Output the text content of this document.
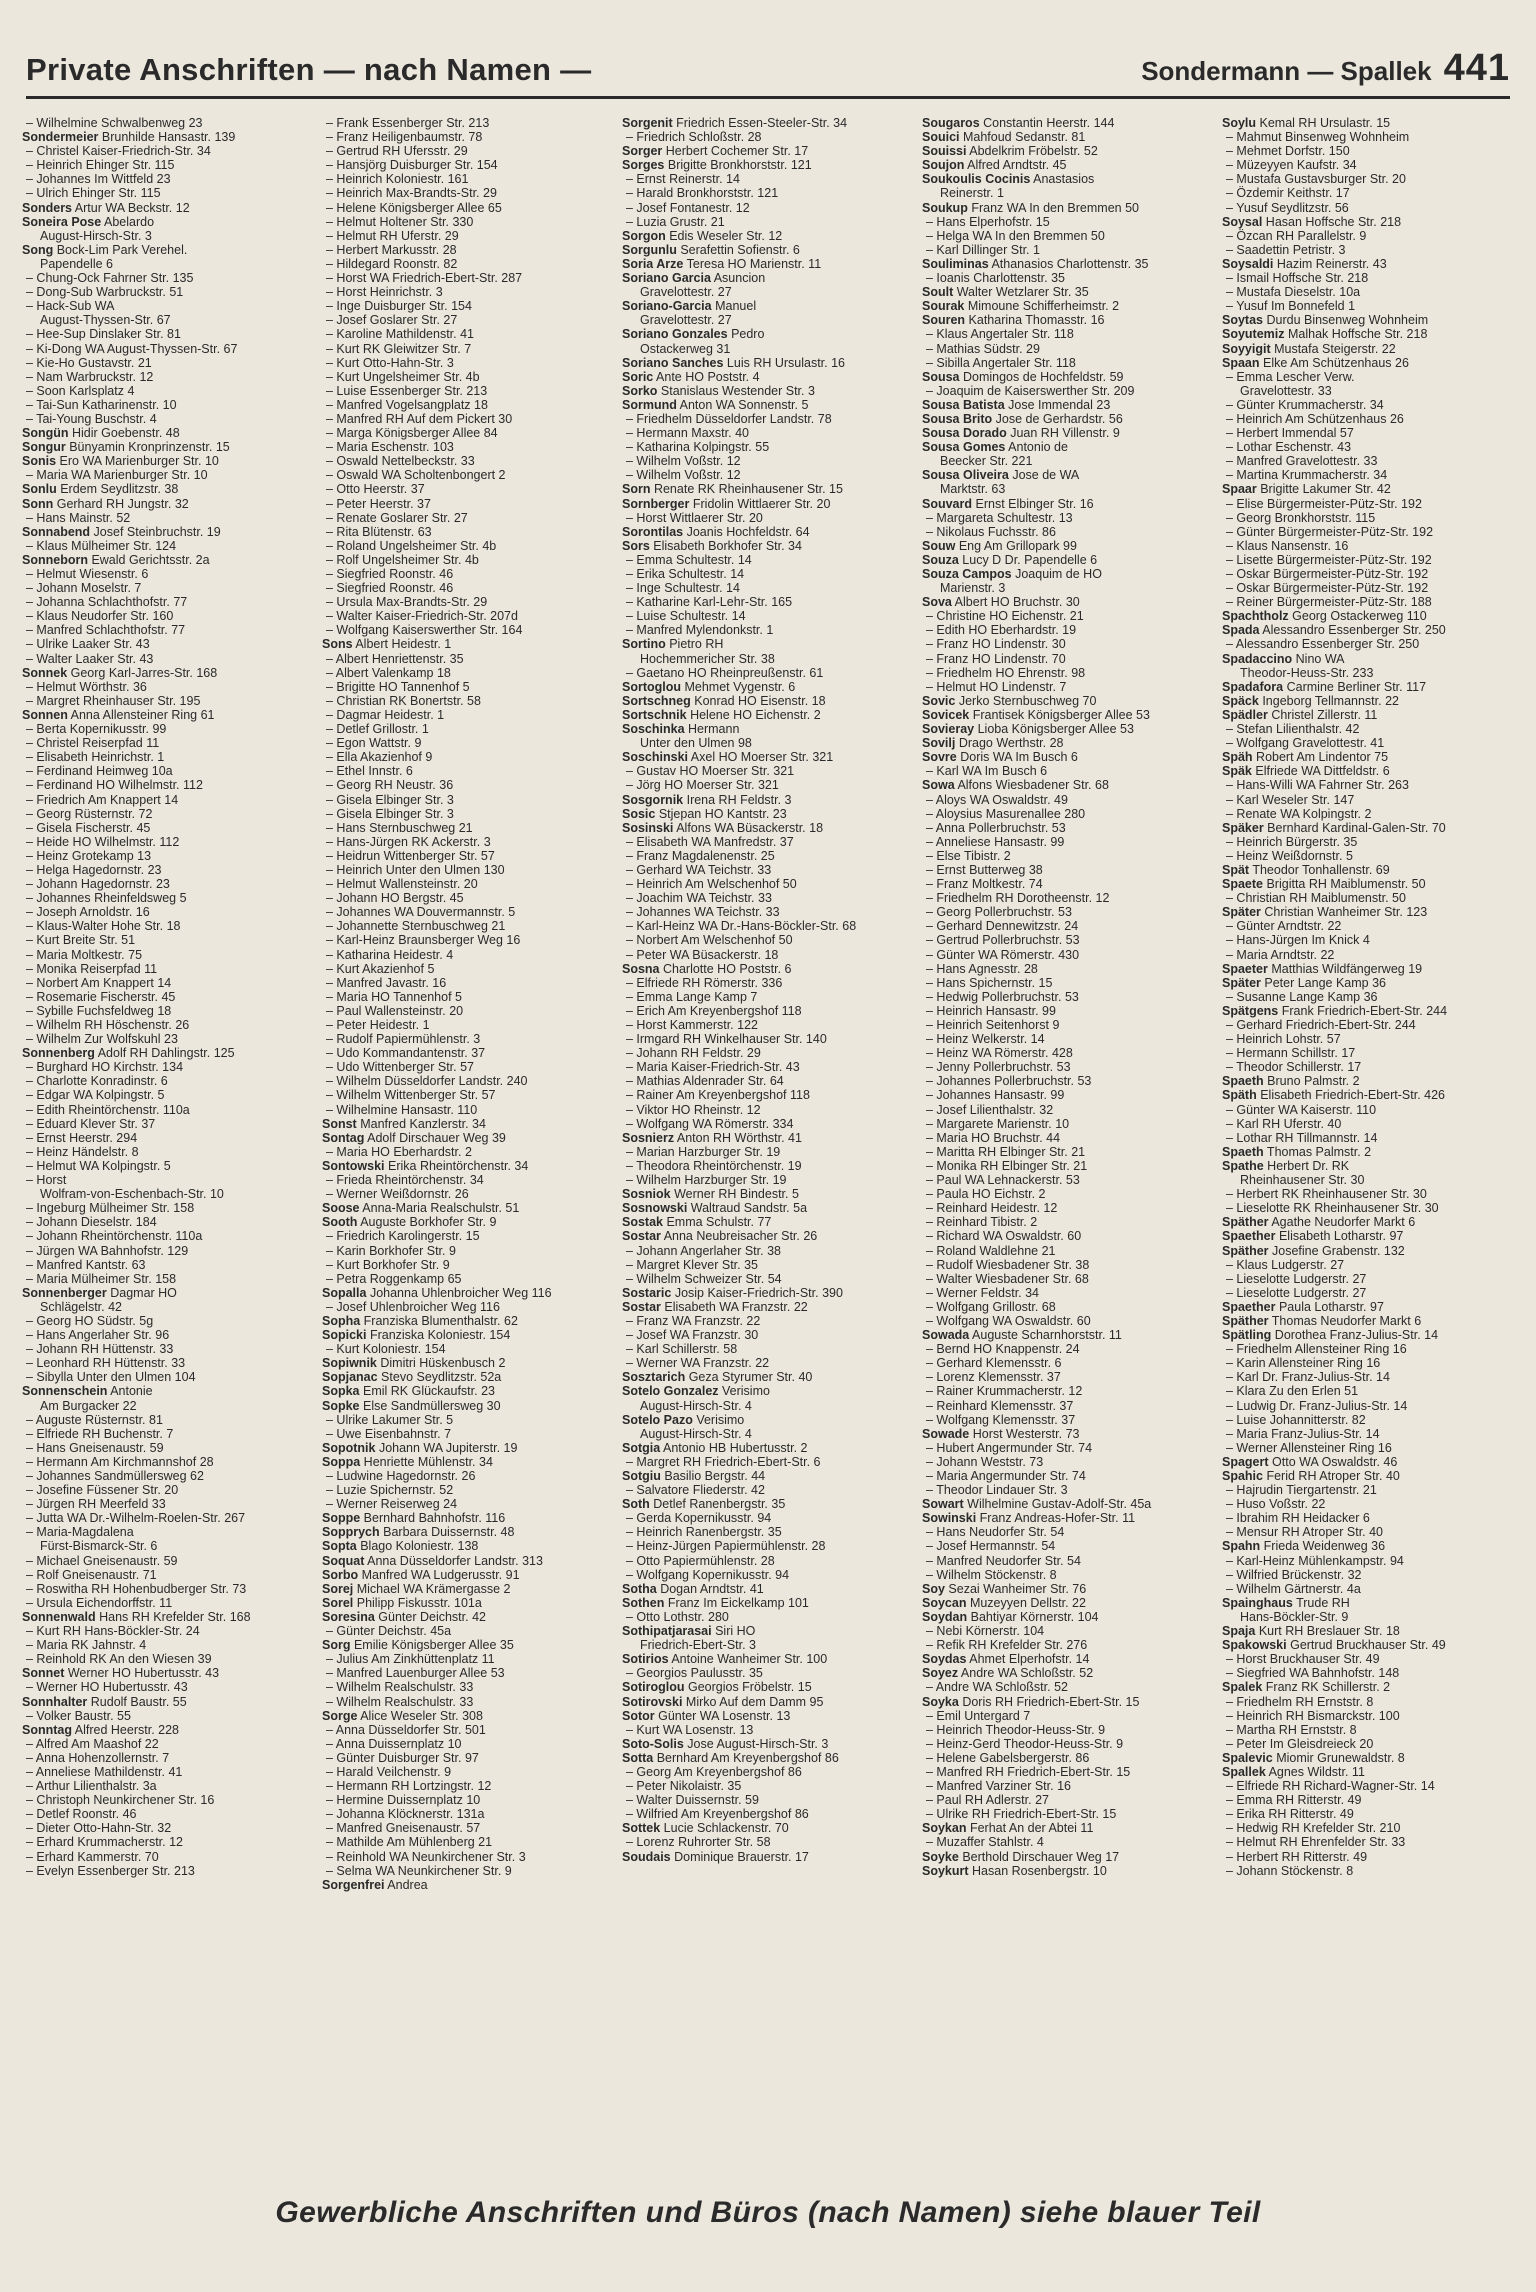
Private Anschriften — nach Namen —	Sondermann — Spallek 441
– Wilhelmine Schwalbenweg 23
Sondermeier Brunhilde Hansastr. 139
– Christel Kaiser-Friedrich-Str. 34
– Heinrich Ehinger Str. 115
– Johannes Im Wittfeld 23
– Ulrich Ehinger Str. 115
Sonders Artur WA Beckstr. 12
Soneira Pose Abelardo
August-Hirsch-Str. 3
Song Bock-Lim Park Verehel.
Papendelle 6
– Chung-Ock Fahrner Str. 135
– Dong-Sub Warbruckstr. 51
– Hack-Sub WA
August-Thyssen-Str. 67
– Hee-Sup Dinslaker Str. 81
– Ki-Dong WA August-Thyssen-Str. 67
– Kie-Ho Gustavstr. 21
– Nam Warbruckstr. 12
– Soon Karlsplatz 4
– Tai-Sun Katharinenstr. 10
– Tai-Young Buschstr. 4
Songün Hidir Goebenstr. 48
Songur Bünyamin Kronprinzenstr. 15
Sonis Ero WA Marienburger Str. 10
– Maria WA Marienburger Str. 10
Sonlu Erdem Seydlitzstr. 38
Sonn Gerhard RH Jungstr. 32
– Hans Mainstr. 52
Sonnabend Josef Steinbruchstr. 19
– Klaus Mülheimer Str. 124
Sonneborn Ewald Gerichtsstr. 2a
– Helmut Wiesenstr. 6
– Johann Moselstr. 7
– Johanna Schlachthofstr. 77
– Klaus Neudorfer Str. 160
– Manfred Schlachthofstr. 77
– Ulrike Laaker Str. 43
– Walter Laaker Str. 43
Sonnek Georg Karl-Jarres-Str. 168
– Helmut Wörthstr. 36
– Margret Rheinhauser Str. 195
Sonnen Anna Allensteiner Ring 61
– Berta Kopernikusstr. 99
– Christel Reiserpfad 11
– Elisabeth Heinrichstr. 1
– Ferdinand Heimweg 10a
– Ferdinand HO Wilhelmstr. 112
– Friedrich Am Knappert 14
– Georg Rüsternstr. 72
– Gisela Fischerstr. 45
– Heide HO Wilhelmstr. 112
– Heinz Grotekamp 13
– Helga Hagedornstr. 23
– Johann Hagedornstr. 23
– Johannes Rheinfeldsweg 5
– Joseph Arnoldstr. 16
– Klaus-Walter Hohe Str. 18
– Kurt Breite Str. 51
– Maria Moltkestr. 75
– Monika Reiserpfad 11
– Norbert Am Knappert 14
– Rosemarie Fischerstr. 45
– Sybille Fuchsfeldweg 18
– Wilhelm RH Höschenstr. 26
– Wilhelm Zur Wolfskuhl 23
Sonnenberg Adolf RH Dahlingstr. 125
– Burghard HO Kirchstr. 134
– Charlotte Konradinstr. 6
– Edgar WA Kolpingstr. 5
– Edith Rheintörchenstr. 110a
– Eduard Klever Str. 37
– Ernst Heerstr. 294
– Heinz Händelstr. 8
– Helmut WA Kolpingstr. 5
– Horst
Wolfram-von-Eschenbach-Str. 10
– Ingeburg Mülheimer Str. 158
– Johann Dieselstr. 184
– Johann Rheintörchenstr. 110a
– Jürgen WA Bahnhofstr. 129
– Manfred Kantstr. 63
– Maria Mülheimer Str. 158
Sonnenberger Dagmar HO
Schlägelstr. 42
– Georg HO Südstr. 5g
– Hans Angerlaher Str. 96
– Johann RH Hüttenstr. 33
– Leonhard RH Hüttenstr. 33
– Sibylla Unter den Ulmen 104
Sonnenschein Antonie
Am Burgacker 22
– Auguste Rüsternstr. 81
– Elfriede RH Buchenstr. 7
– Hans Gneisenaustr. 59
– Hermann Am Kirchmannshof 28
– Johannes Sandmüllersweg 62
– Josefine Füssener Str. 20
– Jürgen RH Meerfeld 33
– Jutta WA Dr.-Wilhelm-Roelen-Str. 267
– Maria-Magdalena
Fürst-Bismarck-Str. 6
– Michael Gneisenaustr. 59
– Rolf Gneisenaustr. 71
– Roswitha RH Hohenbudberger Str. 73
– Ursula Eichendorffstr. 11
Sonnenwald Hans RH Krefelder Str. 168
– Kurt RH Hans-Böckler-Str. 24
– Maria RK Jahnstr. 4
– Reinhold RK An den Wiesen 39
Sonnet Werner HO Hubertusstr. 43
– Werner HO Hubertusstr. 43
Sonnhalter Rudolf Baustr. 55
– Volker Baustr. 55
Sonntag Alfred Heerstr. 228
– Alfred Am Maashof 22
– Anna Hohenzollernstr. 7
– Anneliese Mathildenstr. 41
– Arthur Lilienthalstr. 3a
– Christoph Neunkirchener Str. 16
– Detlef Roonstr. 46
– Dieter Otto-Hahn-Str. 32
– Erhard Krummacherstr. 12
– Erhard Kammerstr. 70
– Evelyn Essenberger Str. 213
– Frank Essenberger Str. 213
– Franz Heiligenbaumstr. 78
– Gertrud RH Ufersstr. 29
– Hansjörg Duisburger Str. 154
– Heinrich Koloniestr. 161
– Heinrich Max-Brandts-Str. 29
– Helene Königsberger Allee 65
– Helmut Holtener Str. 330
– Helmut RH Uferstr. 29
– Herbert Markusstr. 28
– Hildegard Roonstr. 82
– Horst WA Friedrich-Ebert-Str. 287
– Horst Heinrichstr. 3
– Inge Duisburger Str. 154
– Josef Goslarer Str. 27
– Karoline Mathildenstr. 41
– Kurt RK Gleiwitzer Str. 7
– Kurt Otto-Hahn-Str. 3
– Kurt Ungelsheimer Str. 4b
– Luise Essenberger Str. 213
– Manfred Vogelsangplatz 18
– Manfred RH Auf dem Pickert 30
– Marga Königsberger Allee 84
– Maria Eschenstr. 103
– Oswald Nettelbeckstr. 33
– Oswald WA Scholtenbongert 2
– Otto Heerstr. 37
– Peter Heerstr. 37
– Renate Goslarer Str. 27
– Rita Blütenstr. 63
– Roland Ungelsheimer Str. 4b
– Rolf Ungelsheimer Str. 4b
– Siegfried Roonstr. 46
– Siegfried Roonstr. 46
– Ursula Max-Brandts-Str. 29
– Walter Kaiser-Friedrich-Str. 207d
– Wolfgang Kaiserswerther Str. 164
Sons Albert Heidestr. 1
– Albert Henriettenstr. 35
– Albert Valenkamp 18
– Brigitte HO Tannenhof 5
– Christian RK Bonertstr. 58
– Dagmar Heidestr. 1
– Detlef Grillostr. 1
– Egon Wattstr. 9
– Ella Akazienhof 9
– Ethel Innstr. 6
– Georg RH Neustr. 36
– Gisela Elbinger Str. 3
– Gisela Elbinger Str. 3
– Hans Sternbuschweg 21
– Hans-Jürgen RK Ackerstr. 3
– Heidrun Wittenberger Str. 57
– Heinrich Unter den Ulmen 130
– Helmut Wallensteinstr. 20
– Johann HO Bergstr. 45
– Johannes WA Douvermannstr. 5
– Johannette Sternbuschweg 21
– Karl-Heinz Braunsberger Weg 16
– Katharina Heidestr. 4
– Kurt Akazienhof 5
– Manfred Javastr. 16
– Maria HO Tannenhof 5
– Paul Wallensteinstr. 20
– Peter Heidestr. 1
– Rudolf Papiermühlenstr. 3
– Udo Kommandantenstr. 37
– Udo Wittenberger Str. 57
– Wilhelm Düsseldorfer Landstr. 240
– Wilhelm Wittenberger Str. 57
– Wilhelmine Hansastr. 110
Sonst Manfred Kanzlerstr. 34
Sontag Adolf Dirschauer Weg 39
– Maria HO Eberhardstr. 2
Sontowski Erika Rheintörchenstr. 34
– Frieda Rheintörchenstr. 34
– Werner Weißdornstr. 26
Soose Anna-Maria Realschulstr. 51
Sooth Auguste Borkhofer Str. 9
– Friedrich Karolingerstr. 15
– Karin Borkhofer Str. 9
– Kurt Borkhofer Str. 9
– Petra Roggenkamp 65
Sopalla Johanna Uhlenbroicher Weg 116
– Josef Uhlenbroicher Weg 116
Sopha Franziska Blumenthalstr. 62
Sopicki Franziska Koloniestr. 154
– Kurt Koloniestr. 154
Sopiwnik Dimitri Hüskenbusch 2
Sopjanac Stevo Seydlitzstr. 52a
Sopka Emil RK Glückaufstr. 23
Sopke Else Sandmüllersweg 30
– Ulrike Lakumer Str. 5
– Uwe Eisenbahnstr. 7
Sopotnik Johann WA Jupiterstr. 19
Soppa Henriette Mühlenstr. 34
– Ludwine Hagedornstr. 26
– Luzie Spichernstr. 52
– Werner Reiserweg 24
Soppe Bernhard Bahnhofstr. 116
Sopprych Barbara Duissernstr. 48
Sopta Blago Koloniestr. 138
Soquat Anna Düsseldorfer Landstr. 313
Sorbo Manfred WA Ludgerusstr. 91
Sorej Michael WA Krämergasse 2
Sorel Philipp Fiskusstr. 101a
Soresina Günter Deichstr. 42
– Günter Deichstr. 45a
Sorg Emilie Königsberger Allee 35
– Julius Am Zinkhüttenplatz 11
– Manfred Lauenburger Allee 53
– Wilhelm Realschulstr. 33
– Wilhelm Realschulstr. 33
Sorge Alice Weseler Str. 308
– Anna Düsseldorfer Str. 501
– Anna Duissernplatz 10
– Günter Duisburger Str. 97
– Harald Veilchenstr. 9
– Hermann RH Lortzingstr. 12
– Hermine Duissernplatz 10
– Johanna Klöcknerstr. 131a
– Manfred Gneisenaustr. 57
– Mathilde Am Mühlenberg 21
– Reinhold WA Neunkirchener Str. 3
– Selma WA Neunkirchener Str. 9
Sorgenfrei Andrea
Sorgenit Friedrich Essen-Steeler-Str. 34
– Friedrich Schloßstr. 28
Sorger Herbert Cochemer Str. 17
Sorges Brigitte Bronkhorststr. 121
– Ernst Reinerstr. 14
– Harald Bronkhorststr. 121
– Josef Fontanestr. 12
– Luzia Grustr. 21
Sorgon Edis Weseler Str. 12
Sorgunlu Serafettin Sofienstr. 6
Soria Arze Teresa HO Marienstr. 11
Soriano Garcia Asuncion
Gravelottestr. 27
Soriano-Garcia Manuel
Gravelottestr. 27
Soriano Gonzales Pedro
Ostackerweg 31
Soriano Sanches Luis RH Ursulastr. 16
Soric Ante HO Poststr. 4
Sorko Stanislaus Westender Str. 3
Sormund Anton WA Sonnenstr. 5
– Friedhelm Düsseldorfer Landstr. 78
– Hermann Maxstr. 40
– Katharina Kolpingstr. 55
– Wilhelm Voßstr. 12
– Wilhelm Voßstr. 12
Sorn Renate RK Rheinhausener Str. 15
Sornberger Fridolin Wittlaerer Str. 20
– Horst Wittlaerer Str. 20
Sorontilas Joanis Hochfeldstr. 64
Sors Elisabeth Borkhofer Str. 34
– Emma Schultestr. 14
– Erika Schultestr. 14
– Inge Schultestr. 14
– Katharine Karl-Lehr-Str. 165
– Luise Schultestr. 14
– Manfred Mylendonkstr. 1
Sortino Pietro RH
Hochemmericher Str. 38
– Gaetano HO Rheinpreußenstr. 61
Sortoglou Mehmet Vygenstr. 6
Sortschneg Konrad HO Eisenstr. 18
Sortschnik Helene HO Eichenstr. 2
Soschinka Hermann
Unter den Ulmen 98
Soschinski Axel HO Moerser Str. 321
– Gustav HO Moerser Str. 321
– Jörg HO Moerser Str. 321
Sosgornik Irena RH Feldstr. 3
Sosic Stjepan HO Kantstr. 23
Sosinski Alfons WA Büsackerstr. 18
– Elisabeth WA Manfredstr. 37
– Franz Magdalenenstr. 25
– Gerhard WA Teichstr. 33
– Heinrich Am Welschenhof 50
– Joachim WA Teichstr. 33
– Johannes WA Teichstr. 33
– Karl-Heinz WA Dr.-Hans-Böckler-Str. 68
– Norbert Am Welschenhof 50
– Peter WA Büsackerstr. 18
Sosna Charlotte HO Poststr. 6
– Elfriede RH Römerstr. 336
– Emma Lange Kamp 7
– Erich Am Kreyenbergshof 118
– Horst Kammerstr. 122
– Irmgard RH Winkelhauser Str. 140
– Johann RH Feldstr. 29
– Maria Kaiser-Friedrich-Str. 43
– Mathias Aldenrader Str. 64
– Rainer Am Kreyenbergshof 118
– Viktor HO Rheinstr. 12
– Wolfgang WA Römerstr. 334
Sosnierz Anton RH Wörthstr. 41
– Marian Harzburger Str. 19
– Theodora Rheintörchenstr. 19
– Wilhelm Harzburger Str. 19
Sosniok Werner RH Bindestr. 5
Sosnowski Waltraud Sandstr. 5a
Sostak Emma Schulstr. 77
Sostar Anna Neubreisacher Str. 26
– Johann Angerlaher Str. 38
– Margret Klever Str. 35
– Wilhelm Schweizer Str. 54
Sostaric Josip Kaiser-Friedrich-Str. 390
Sostar Elisabeth WA Franzstr. 22
– Franz WA Franzstr. 22
– Josef WA Franzstr. 30
– Karl Schillerstr. 58
– Werner WA Franzstr. 22
Sosztarich Geza Styrumer Str. 40
Sotelo Gonzalez Verisimo
August-Hirsch-Str. 4
Sotelo Pazo Verisimo
August-Hirsch-Str. 4
Sotgia Antonio HB Hubertusstr. 2
– Margret RH Friedrich-Ebert-Str. 6
Sotgiu Basilio Bergstr. 44
– Salvatore Fliederstr. 42
Soth Detlef Ranenbergstr. 35
– Gerda Kopernikusstr. 94
– Heinrich Ranenbergstr. 35
– Heinz-Jürgen Papiermühlenstr. 28
– Otto Papiermühlenstr. 28
– Wolfgang Kopernikusstr. 94
Sotha Dogan Arndtstr. 41
Sothen Franz Im Eickelkamp 101
– Otto Lothstr. 280
Sothipatjarasai Siri HO
Friedrich-Ebert-Str. 3
Sotirios Antoine Wanheimer Str. 100
– Georgios Paulusstr. 35
Sotiroglou Georgios Fröbelstr. 15
Sotirovski Mirko Auf dem Damm 95
Sotor Günter WA Losenstr. 13
– Kurt WA Losenstr. 13
Soto-Solis Jose August-Hirsch-Str. 3
Sotta Bernhard Am Kreyenbergshof 86
– Georg Am Kreyenbergshof 86
– Peter Nikolaistr. 35
– Walter Duissernstr. 59
– Wilfried Am Kreyenbergshof 86
Sottek Lucie Schlackenstr. 70
– Lorenz Ruhrorter Str. 58
Soudais Dominique Brauerstr. 17
Sougaros Constantin Heerstr. 144
Souici Mahfoud Sedanstr. 81
Souissi Abdelkrim Fröbelstr. 52
Soujon Alfred Arndtstr. 45
Soukoulis Cocinis Anastasios
Reinerstr. 1
Soukup Franz WA In den Bremmen 50
– Hans Elperhofstr. 15
– Helga WA In den Bremmen 50
– Karl Dillinger Str. 1
Souliminas Athanasios Charlottenstr. 35
– Ioanis Charlottenstr. 35
Soult Walter Wetzlarer Str. 35
Sourak Mimoune Schifferheimstr. 2
Souren Katharina Thomasstr. 16
– Klaus Angertaler Str. 118
– Mathias Südstr. 29
– Sibilla Angertaler Str. 118
Sousa Domingos de Hochfeldstr. 59
– Joaquim de Kaiserswerther Str. 209
Sousa Batista Jose Immendal 23
Sousa Brito Jose de Gerhardstr. 56
Sousa Dorado Juan RH Villenstr. 9
Sousa Gomes Antonio de
Beecker Str. 221
Sousa Oliveira Jose de WA
Marktstr. 63
Souvard Ernst Elbinger Str. 16
– Margareta Schultestr. 13
– Nikolaus Fuchsstr. 86
Souw Eng Am Grillopark 99
Souza Lucy D Dr. Papendelle 6
Souza Campos Joaquim de HO
Marienstr. 3
Sova Albert HO Bruchstr. 30
– Christine HO Eichenstr. 21
– Edith HO Eberhardstr. 19
– Franz HO Lindenstr. 30
– Franz HO Lindenstr. 70
– Friedhelm HO Ehrenstr. 98
– Helmut HO Lindenstr. 7
Sovic Jerko Sternbuschweg 70
Sovicek Frantisek Königsberger Allee 53
Sovieray Lioba Königsberger Allee 53
Sovilj Drago Werthstr. 28
Sovre Doris WA Im Busch 6
– Karl WA Im Busch 6
Sowa Alfons Wiesbadener Str. 68
– Aloys WA Oswaldstr. 49
– Aloysius Masurenallee 280
– Anna Pollerbruchstr. 53
– Anneliese Hansastr. 99
– Else Tibistr. 2
– Ernst Butterweg 38
– Franz Moltkestr. 74
– Friedhelm RH Dorotheenstr. 12
– Georg Pollerbruchstr. 53
– Gerhard Dennewitzstr. 24
– Gertrud Pollerbruchstr. 53
– Günter WA Römerstr. 430
– Hans Agnesstr. 28
– Hans Spichernstr. 15
– Hedwig Pollerbruchstr. 53
– Heinrich Hansastr. 99
– Heinrich Seitenhorst 9
– Heinz Welkerstr. 14
– Heinz WA Römerstr. 428
– Jenny Pollerbruchstr. 53
– Johannes Pollerbruchstr. 53
– Johannes Hansastr. 99
– Josef Lilienthalstr. 32
– Margarete Marienstr. 10
– Maria HO Bruchstr. 44
– Maritta RH Elbinger Str. 21
– Monika RH Elbinger Str. 21
– Paul WA Lehnackerstr. 53
– Paula HO Eichstr. 2
– Reinhard Heidestr. 12
– Reinhard Tibistr. 2
– Richard WA Oswaldstr. 60
– Roland Waldlehne 21
– Rudolf Wiesbadener Str. 38
– Walter Wiesbadener Str. 68
– Werner Feldstr. 34
– Wolfgang Grillostr. 68
– Wolfgang WA Oswaldstr. 60
Sowada Auguste Scharnhorststr. 11
– Bernd HO Knappenstr. 24
– Gerhard Klemensstr. 6
– Lorenz Klemensstr. 37
– Rainer Krummacherstr. 12
– Reinhard Klemensstr. 37
– Wolfgang Klemensstr. 37
Sowade Horst Westerstr. 73
– Hubert Angermunder Str. 74
– Johann Weststr. 73
– Maria Angermunder Str. 74
– Theodor Lindauer Str. 3
Sowart Wilhelmine Gustav-Adolf-Str. 45a
Sowinski Franz Andreas-Hofer-Str. 11
– Hans Neudorfer Str. 54
– Josef Hermannstr. 54
– Manfred Neudorfer Str. 54
– Wilhelm Stöckenstr. 8
Soy Sezai Wanheimer Str. 76
Soycan Muzeyyen Dellstr. 22
Soydan Bahtiyar Körnerstr. 104
– Nebi Körnerstr. 104
– Refik RH Krefelder Str. 276
Soydas Ahmet Elperhofstr. 14
Soyez Andre WA Schloßstr. 52
– Andre WA Schloßstr. 52
Soyka Doris RH Friedrich-Ebert-Str. 15
– Emil Untergard 7
– Heinrich Theodor-Heuss-Str. 9
– Heinz-Gerd Theodor-Heuss-Str. 9
– Helene Gabelsbergerstr. 86
– Manfred RH Friedrich-Ebert-Str. 15
– Manfred Varziner Str. 16
– Paul RH Adlerstr. 27
– Ulrike RH Friedrich-Ebert-Str. 15
Soykan Ferhat An der Abtei 11
– Muzaffer Stahlstr. 4
Soyke Berthold Dirschauer Weg 17
Soykurt Hasan Rosenbergstr. 10
Soylu Kemal RH Ursulastr. 15
– Mahmut Binsenweg Wohnheim
– Mehmet Dorfstr. 150
– Müzeyyen Kaufstr. 34
– Mustafa Gustavsburger Str. 20
– Özdemir Keithstr. 17
– Yusuf Seydlitzstr. 56
Soysal Hasan Hoffsche Str. 218
– Özcan RH Parallelstr. 9
– Saadettin Petristr. 3
Soysaldi Hazim Reinerstr. 43
– Ismail Hoffsche Str. 218
– Mustafa Dieselstr. 10a
– Yusuf Im Bonnefeld 1
Soytas Durdu Binsenweg Wohnheim
Soyutemiz Malhak Hoffsche Str. 218
Soyyigit Mustafa Steigerstr. 22
Spaan Elke Am Schützenhaus 26
– Emma Lescher Verw.
Gravelottestr. 33
– Günter Krummacherstr. 34
– Heinrich Am Schützenhaus 26
– Herbert Immendal 57
– Lothar Eschenstr. 43
– Manfred Gravelottestr. 33
– Martina Krummacherstr. 34
Spaar Brigitte Lakumer Str. 42
– Elise Bürgermeister-Pütz-Str. 192
– Georg Bronkhorststr. 115
– Günter Bürgermeister-Pütz-Str. 192
– Klaus Nansenstr. 16
– Lisette Bürgermeister-Pütz-Str. 192
– Oskar Bürgermeister-Pütz-Str. 192
– Oskar Bürgermeister-Pütz-Str. 192
– Reiner Bürgermeister-Pütz-Str. 188
Spachtholz Georg Ostackerweg 110
Spada Alessandro Essenberger Str. 250
– Alessandro Essenberger Str. 250
Spadaccino Nino WA
Theodor-Heuss-Str. 233
Spadafora Carmine Berliner Str. 117
Späck Ingeborg Tellmannstr. 22
Spädler Christel Zillerstr. 11
– Stefan Lilienthalstr. 42
– Wolfgang Gravelottestr. 41
Späh Robert Am Lindentor 75
Späk Elfriede WA Dittfeldstr. 6
– Hans-Willi WA Fahrner Str. 263
– Karl Weseler Str. 147
– Renate WA Kolpingstr. 2
Späker Bernhard Kardinal-Galen-Str. 70
– Heinrich Bürgerstr. 35
– Heinz Weißdornstr. 5
Spät Theodor Tonhallenstr. 69
Spaete Brigitta RH Maiblumenstr. 50
– Christian RH Maiblumenstr. 50
Später Christian Wanheimer Str. 123
– Günter Arndtstr. 22
– Hans-Jürgen Im Knick 4
– Maria Arndtstr. 22
Spaeter Matthias Wildfängerweg 19
Später Peter Lange Kamp 36
– Susanne Lange Kamp 36
Spätgens Frank Friedrich-Ebert-Str. 244
– Gerhard Friedrich-Ebert-Str. 244
– Heinrich Lohstr. 57
– Hermann Schillstr. 17
– Theodor Schillerstr. 17
Spaeth Bruno Palmstr. 2
Späth Elisabeth Friedrich-Ebert-Str. 426
– Günter WA Kaiserstr. 110
– Karl RH Uferstr. 40
– Lothar RH Tillmannstr. 14
Spaeth Thomas Palmstr. 2
Spathe Herbert Dr. RK
Rheinhausener Str. 30
– Herbert RK Rheinhausener Str. 30
– Lieselotte RK Rheinhausener Str. 30
Späther Agathe Neudorfer Markt 6
Spaether Elisabeth Lotharstr. 97
Späther Josefine Grabenstr. 132
– Klaus Ludgerstr. 27
– Lieselotte Ludgerstr. 27
– Lieselotte Ludgerstr. 27
Spaether Paula Lotharstr. 97
Späther Thomas Neudorfer Markt 6
Spätling Dorothea Franz-Julius-Str. 14
– Friedhelm Allensteiner Ring 16
– Karin Allensteiner Ring 16
– Karl Dr. Franz-Julius-Str. 14
– Klara Zu den Erlen 51
– Ludwig Dr. Franz-Julius-Str. 14
– Luise Johannitterstr. 82
– Maria Franz-Julius-Str. 14
– Werner Allensteiner Ring 16
Spagert Otto WA Oswaldstr. 46
Spahic Ferid RH Atroper Str. 40
– Hajrudin Tiergartenstr. 21
– Huso Voßstr. 22
– Ibrahim RH Heidacker 6
– Mensur RH Atroper Str. 40
Spahn Frieda Weidenweg 36
– Karl-Heinz Mühlenkampstr. 94
– Wilfried Brückenstr. 32
– Wilhelm Gärtnerstr. 4a
Spainghaus Trude RH
Hans-Böckler-Str. 9
Spaja Kurt RH Breslauer Str. 18
Spakowski Gertrud Bruckhauser Str. 49
– Horst Bruckhauser Str. 49
– Siegfried WA Bahnhofstr. 148
Spalek Franz RK Schillerstr. 2
– Friedhelm RH Ernststr. 8
– Heinrich RH Bismarckstr. 100
– Martha RH Ernststr. 8
– Peter Im Gleisdreieck 20
Spalevic Miomir Grunewaldstr. 8
Spallek Agnes Wildstr. 11
– Elfriede RH Richard-Wagner-Str. 14
– Emma RH Ritterstr. 49
– Erika RH Ritterstr. 49
– Hedwig RH Krefelder Str. 210
– Helmut RH Ehrenfelder Str. 33
– Herbert RH Ritterstr. 49
– Johann Stöckenstr. 8
Gewerbliche Anschriften und Büros (nach Namen) siehe blauer Teil
